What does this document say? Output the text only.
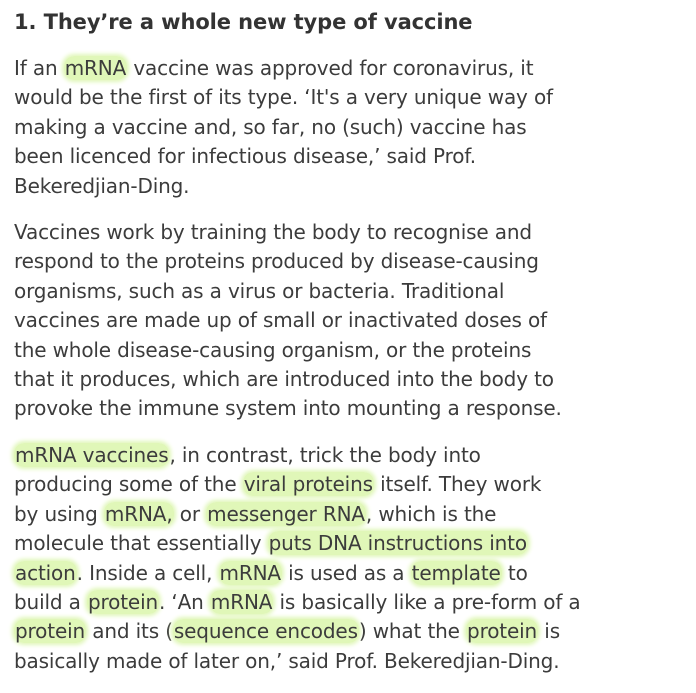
1. They’re a whole new type of vaccine

If an mRNA vaccine was approved for coronavirus, it
would be the first of its type. ‘It's a very unique way of
making a vaccine and, so far, no (such) vaccine has
been licenced for infectious disease,’ said Prof.
Bekeredjian-Ding.

Vaccines work by training the body to recognise and
respond to the proteins produced by disease-causing
organisms, such as a virus or bacteria. Traditional
vaccines are made up of small or inactivated doses of
the whole disease-causing organism, or the proteins
that it produces, which are introduced into the body to
provoke the immune system into mounting a response.

mRNA vaccines, in contrast, trick the body into
producing some of the viral proteins itself. They work
by using mRNA, or messenger RNA, which is the
molecule that essentially puts DNA instructions into
action. Inside a cell, mRNA is used as a template to
build a protein. ‘An mRNA is basically like a pre-form of a
protein and its (sequence encodes) what the protein is
basically made of later on,’ said Prof. Bekeredjian-Ding.
